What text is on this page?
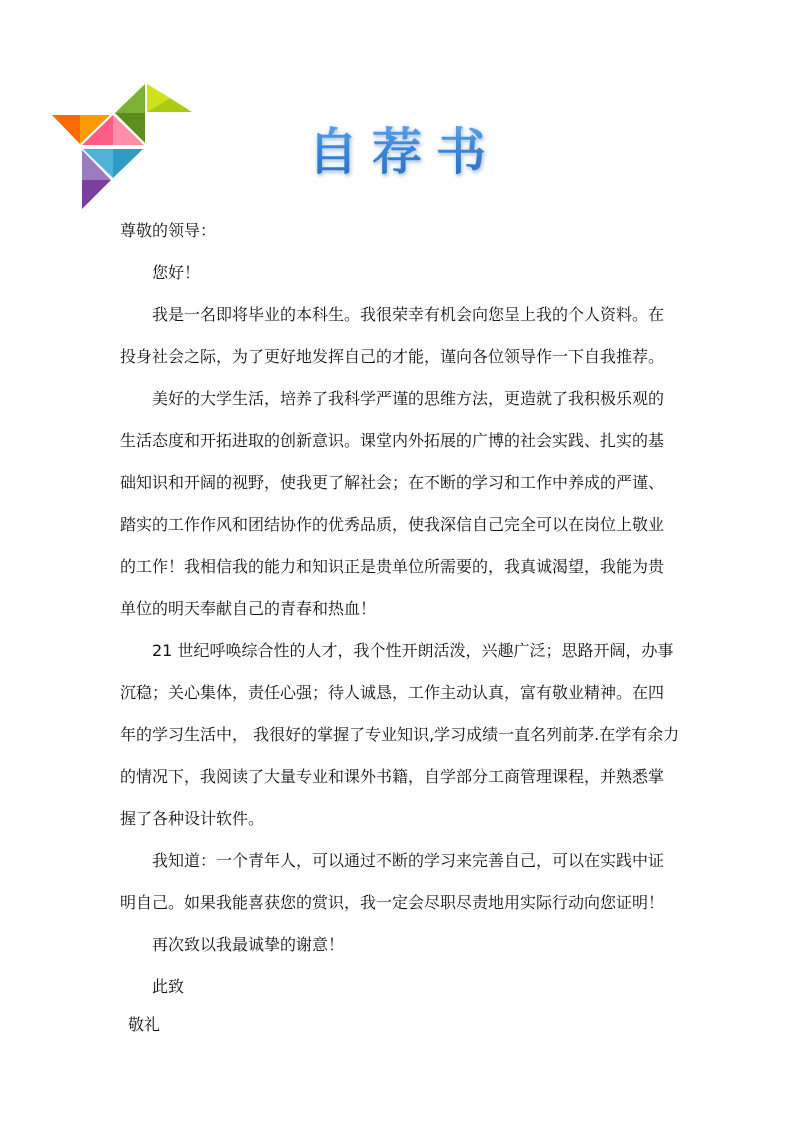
自荐书
尊敬的领导：
您好！
我是一名即将毕业的本科生。我很荣幸有机会向您呈上我的个人资料。在
投身社会之际，为了更好地发挥自己的才能，谨向各位领导作一下自我推荐。
美好的大学生活，培养了我科学严谨的思维方法，更造就了我积极乐观的
生活态度和开拓进取的创新意识。课堂内外拓展的广博的社会实践、扎实的基
础知识和开阔的视野，使我更了解社会；在不断的学习和工作中养成的严谨、
踏实的工作作风和团结协作的优秀品质，使我深信自己完全可以在岗位上敬业
的工作！我相信我的能力和知识正是贵单位所需要的，我真诚渴望，我能为贵
单位的明天奉献自己的青春和热血！
21 世纪呼唤综合性的人才，我个性开朗活泼，兴趣广泛；思路开阔，办事
沉稳；关心集体，责任心强；待人诚恳，工作主动认真，富有敬业精神。在四
年的学习生活中， 我很好的掌握了专业知识,学习成绩一直名列前茅.在学有余力
的情况下，我阅读了大量专业和课外书籍，自学部分工商管理课程，并熟悉掌
握了各种设计软件。
我知道：一个青年人，可以通过不断的学习来完善自己，可以在实践中证
明自己。如果我能喜获您的赏识，我一定会尽职尽责地用实际行动向您证明！
再次致以我最诚挚的谢意！
此致
敬礼
